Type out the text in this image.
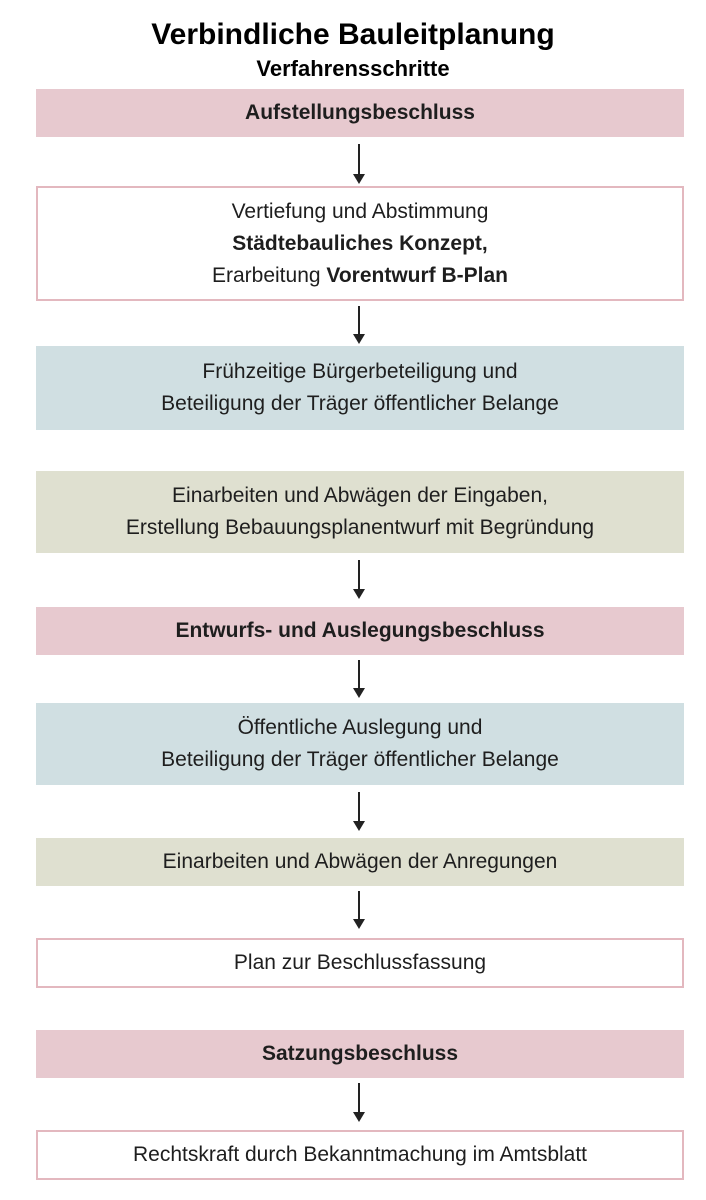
Verbindliche Bauleitplanung
Verfahrensschritte
Aufstellungsbeschluss
Vertiefung und Abstimmung
Städtebauliches Konzept,
Erarbeitung Vorentwurf B-Plan
Frühzeitige Bürgerbeteiligung und
Beteiligung der Träger öffentlicher Belange
Einarbeiten und Abwägen der Eingaben,
Erstellung Bebauungsplanentwurf mit Begründung
Entwurfs- und Auslegungsbeschluss
Öffentliche Auslegung und
Beteiligung der Träger öffentlicher Belange
Einarbeiten und Abwägen der Anregungen
Plan zur Beschlussfassung
Satzungsbeschluss
Rechtskraft durch Bekanntmachung im Amtsblatt
